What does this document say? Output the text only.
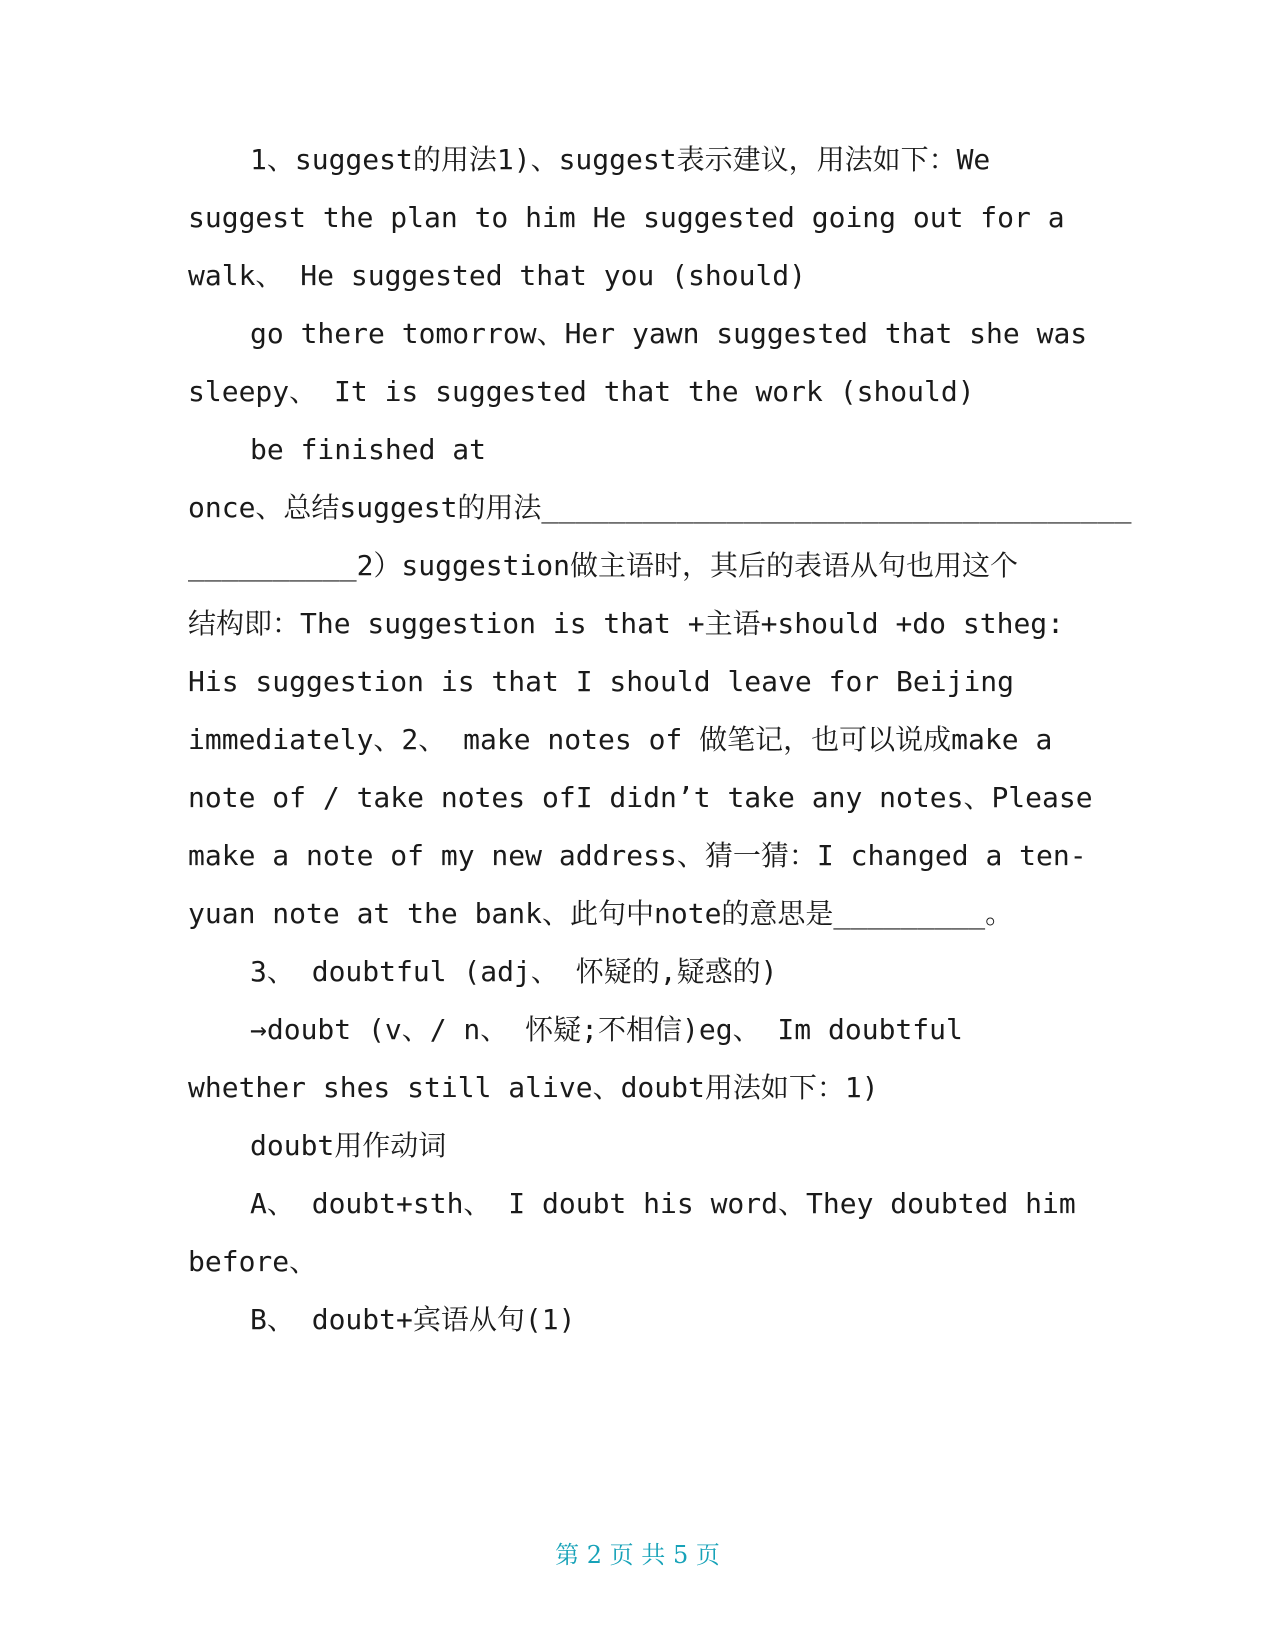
1、suggest的用法1)、suggest表示建议，用法如下：We
suggest the plan to him He suggested going out for a
walk、 He suggested that you (should)
go there tomorrow、Her yawn suggested that she was
sleepy、 It is suggested that the work (should)
be finished at
once、总结suggest的用法___________________________________
__________2）suggestion做主语时，其后的表语从句也用这个
结构即：The suggestion is that +主语+should +do stheg:
His suggestion is that I should leave for Beijing
immediately、2、 make notes of 做笔记，也可以说成make a
note of / take notes ofI didn’t take any notes、Please
make a note of my new address、猜一猜：I changed a ten-
yuan note at the bank、此句中note的意思是_________。
3、 doubtful (adj、 怀疑的,疑惑的)
→doubt (v、/ n、 怀疑;不相信)eg、 Im doubtful
whether shes still alive、doubt用法如下：1)
doubt用作动词
A、 doubt+sth、 I doubt his word、They doubted him
before、
B、 doubt+宾语从句(1)
第 2 页 共 5 页
